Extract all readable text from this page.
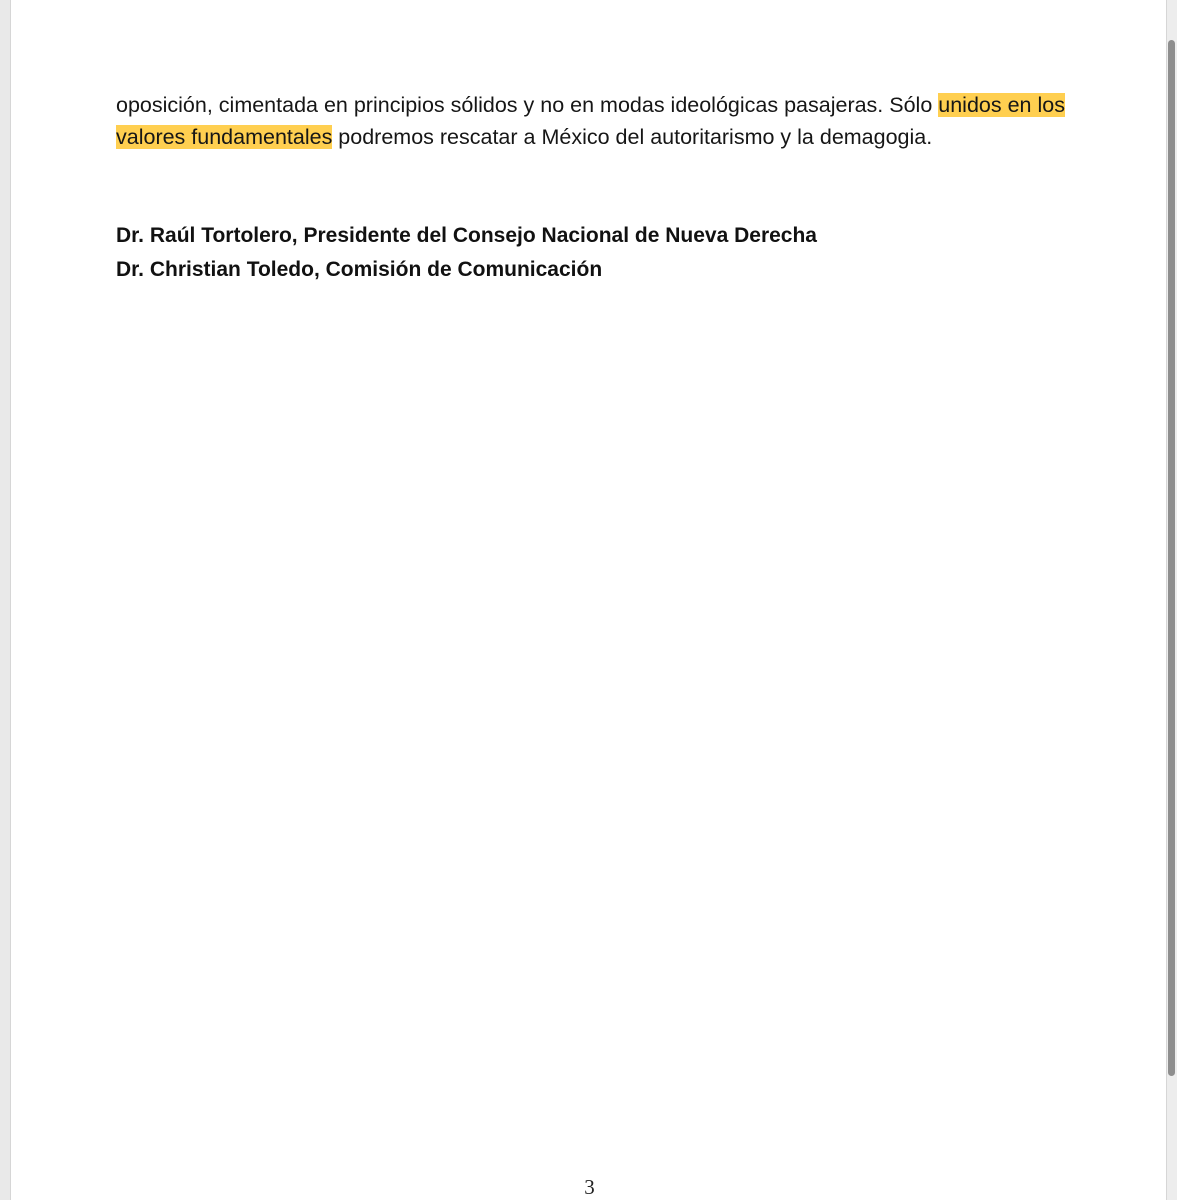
oposición, cimentada en principios sólidos y no en modas ideológicas pasajeras. Sólo unidos en los valores fundamentales podremos rescatar a México del autoritarismo y la demagogia.

Dr. Raúl Tortolero, Presidente del Consejo Nacional de Nueva Derecha

Dr. Christian Toledo, Comisión de Comunicación

3
